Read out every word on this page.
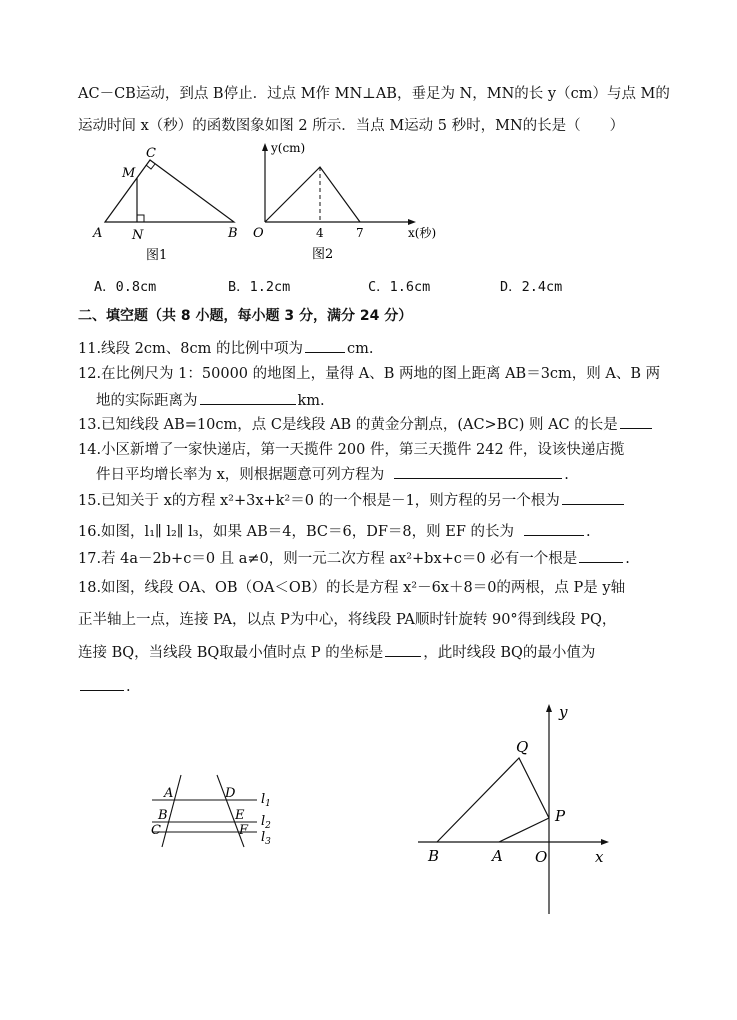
AC－CB运动，到点 B停止．过点 M作 MN⊥AB，垂足为 N，MN的长 y（cm）与点 M的
运动时间 x（秒）的函数图象如图 2 所示．当点 M运动 5 秒时，MN的长是（　　）
A N	B
C
M
图1
y(cm)
x(秒)
O	4	7
图2
A．0.8cm	B．1.2cm	C．1.6cm	D．2.4cm
二、填空题（共 8 小题，每小题 3 分，满分 24 分）
11.线段 2cm、8cm 的比例中项为	cm.
12.在比例尺为 1：50000 的地图上，量得 A、B 两地的图上距离 AB＝3cm，则 A、B 两
地的实际距离为	km.
13.已知线段 AB=10cm，点 C是线段 AB 的黄金分割点，(AC>BC) 则 AC 的长是
14.小区新增了一家快递店，第一天揽件 200 件，第三天揽件 242 件，设该快递店揽
件日平均增长率为 x，则根据题意可列方程为	.
15.已知关于 x的方程 x²+3x+k²＝0 的一个根是－1，则方程的另一个根为
16.如图，l₁∥ l₂∥ l₃，如果 AB＝4，BC＝6，DF＝8，则 EF 的长为	.
17.若 4a－2b+c＝0 且 a≠0，则一元二次方程 ax²+bx+c＝0 必有一个根是	.
18.如图，线段 OA、OB（OA＜OB）的长是方程 x²－6x＋8＝0的两根，点 P是 y轴
正半轴上一点，连接 PA，以点 P为中心，将线段 PA顺时针旋转 90°得到线段 PQ，
连接 BQ，当线段 BQ取最小值时点 P 的坐标是	，此时线段 BQ的最小值为
.
A	D
B	E
C	F
$l_1$
$l_2$
$l_3$
y
x
Q
P
B	A O
